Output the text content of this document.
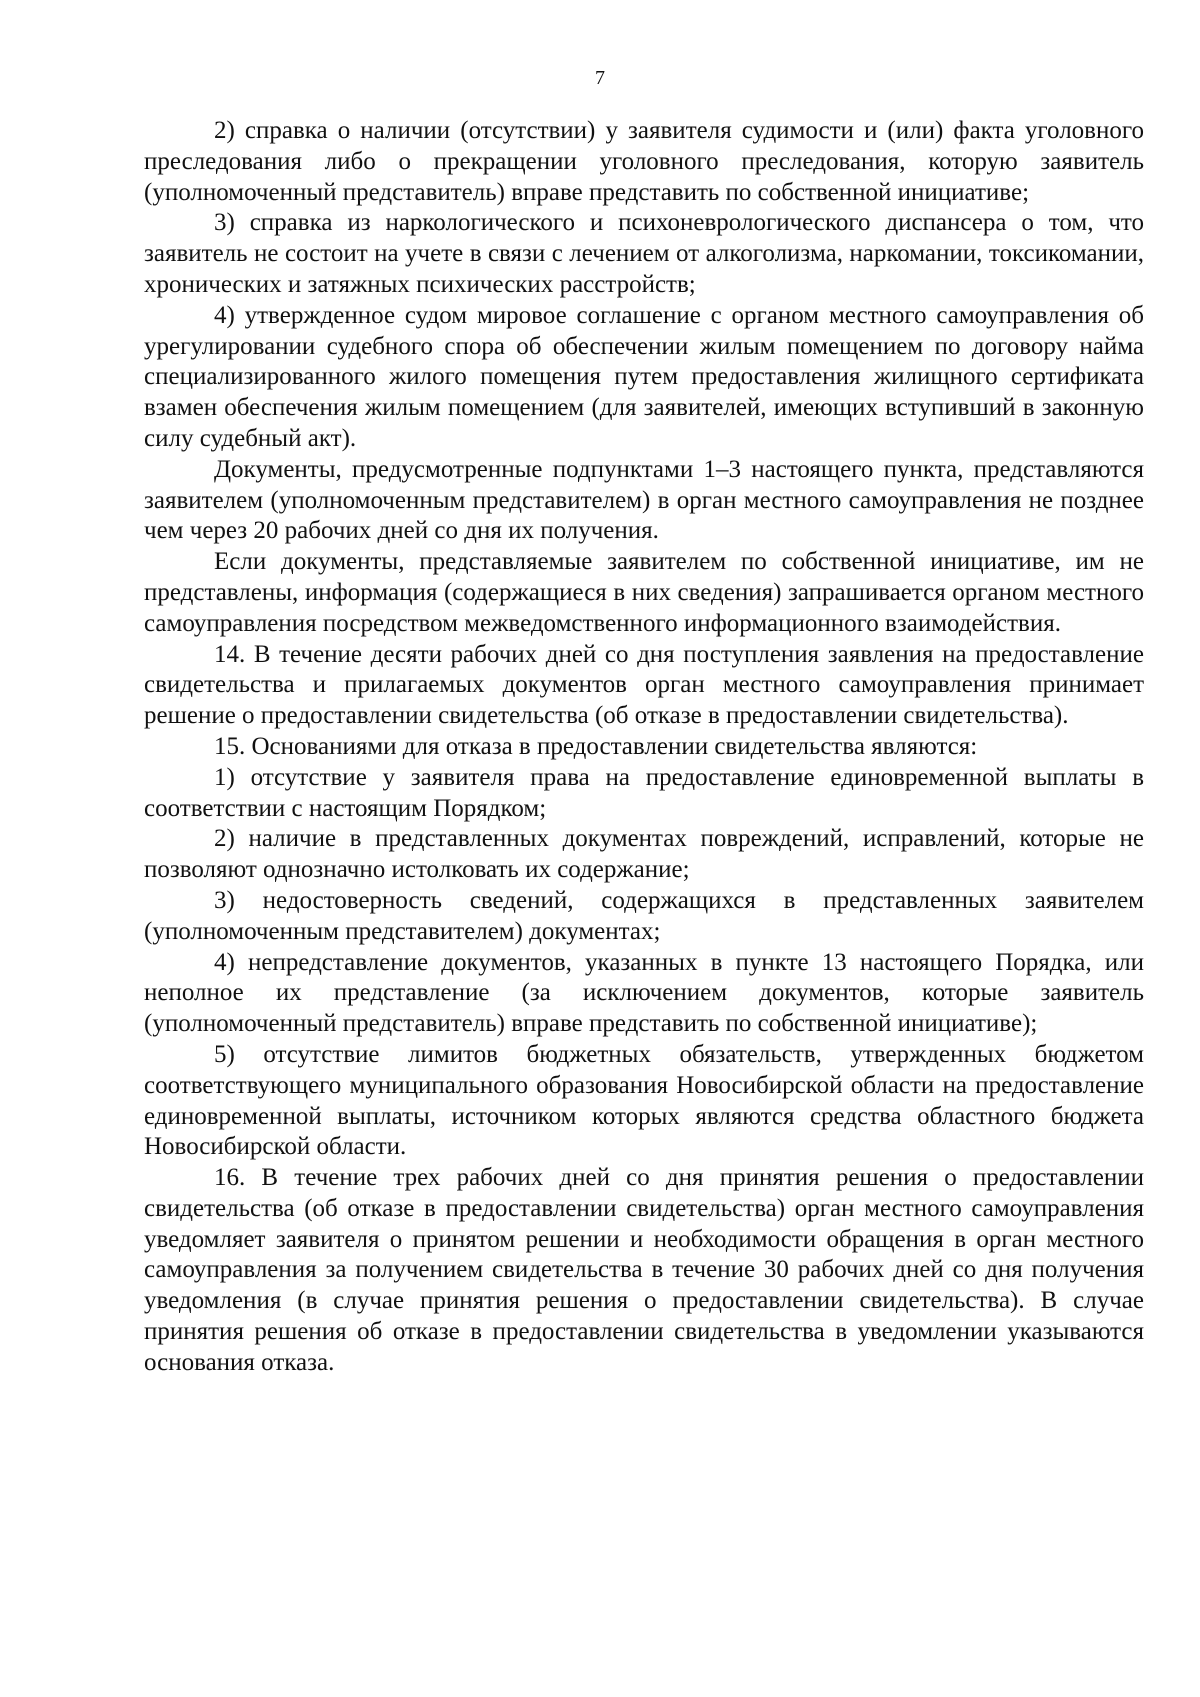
7

2) справка о наличии (отсутствии) у заявителя судимости и (или) факта уголовного преследования либо о прекращении уголовного преследования, которую заявитель (уполномоченный представитель) вправе представить по собственной инициативе;

3) справка из наркологического и психоневрологического диспансера о том, что заявитель не состоит на учете в связи с лечением от алкоголизма, наркомании, токсикомании, хронических и затяжных психических расстройств;

4) утвержденное судом мировое соглашение с органом местного самоуправления об урегулировании судебного спора об обеспечении жилым помещением по договору найма специализированного жилого помещения путем предоставления жилищного сертификата взамен обеспечения жилым помещением (для заявителей, имеющих вступивший в законную силу судебный акт).

Документы, предусмотренные подпунктами 1–3 настоящего пункта, представляются заявителем (уполномоченным представителем) в орган местного самоуправления не позднее чем через 20 рабочих дней со дня их получения.

Если документы, представляемые заявителем по собственной инициативе, им не представлены, информация (содержащиеся в них сведения) запрашивается органом местного самоуправления посредством межведомственного информационного взаимодействия.

14. В течение десяти рабочих дней со дня поступления заявления на предоставление свидетельства и прилагаемых документов орган местного самоуправления принимает решение о предоставлении свидетельства (об отказе в предоставлении свидетельства).

15. Основаниями для отказа в предоставлении свидетельства являются:

1) отсутствие у заявителя права на предоставление единовременной выплаты в соответствии с настоящим Порядком;

2) наличие в представленных документах повреждений, исправлений, которые не позволяют однозначно истолковать их содержание;

3) недостоверность сведений, содержащихся в представленных заявителем (уполномоченным представителем) документах;

4) непредставление документов, указанных в пункте 13 настоящего Порядка, или неполное их представление (за исключением документов, которые заявитель (уполномоченный представитель) вправе представить по собственной инициативе);

5) отсутствие лимитов бюджетных обязательств, утвержденных бюджетом соответствующего муниципального образования Новосибирской области на предоставление единовременной выплаты, источником которых являются средства областного бюджета Новосибирской области.

16. В течение трех рабочих дней со дня принятия решения о предоставлении свидетельства (об отказе в предоставлении свидетельства) орган местного самоуправления уведомляет заявителя о принятом решении и необходимости обращения в орган местного самоуправления за получением свидетельства в течение 30 рабочих дней со дня получения уведомления (в случае принятия решения о предоставлении свидетельства). В случае принятия решения об отказе в предоставлении свидетельства в уведомлении указываются основания отказа.
